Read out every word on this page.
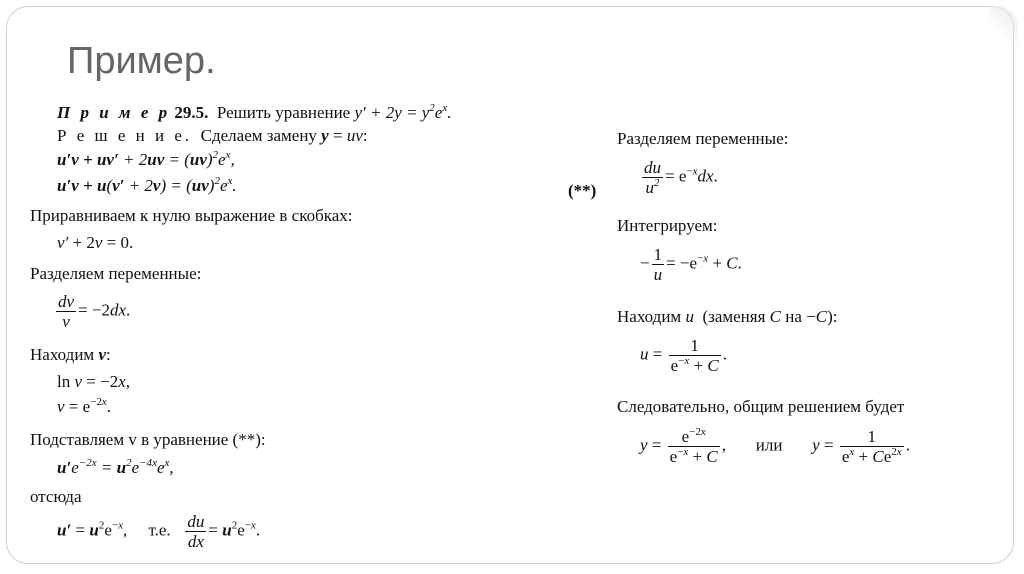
Пример.
П р и м е р 29.5. Решить уравнение $y' + 2y = y^2e^x$.
Р е ш е н и е. Сделаем замену y = uv:
$u'v + uv' + 2uv = (uv)^2e^x$,
$u'v + u(v' + 2v) = (uv)^2e^x$.
Приравниваем к нулю выражение в скобках:
v′ + 2v = 0.
Разделяем переменные:
$\frac{dv}{v} = -2dx$.
Находим v:
ln v = −2x,
$v = e^{-2x}$.
Подставляем v в уравнение (**):
$u'e^{-2x} = u^2e^{-4x}e^x$,
отсюда
$u' = u^2e^{-x}$,     т.е. $\frac{du}{dx} = u^2e^{-x}$.
(**)
Разделяем переменные:
$\frac{du}{u^2} = e^{-x}dx$.
Интегрируем:
− $\frac{1}{u} = -e^{-x} + C$.
Находим u (заменяя C на −C):
$u = \frac{1}{e^{-x} + C}$ .
Следовательно, общим решением будет
$y = \frac{e^{-2x}}{e^{-x} + C}$ ,       или $y = \frac{1}{e^x + Ce^{2x}}$ .
